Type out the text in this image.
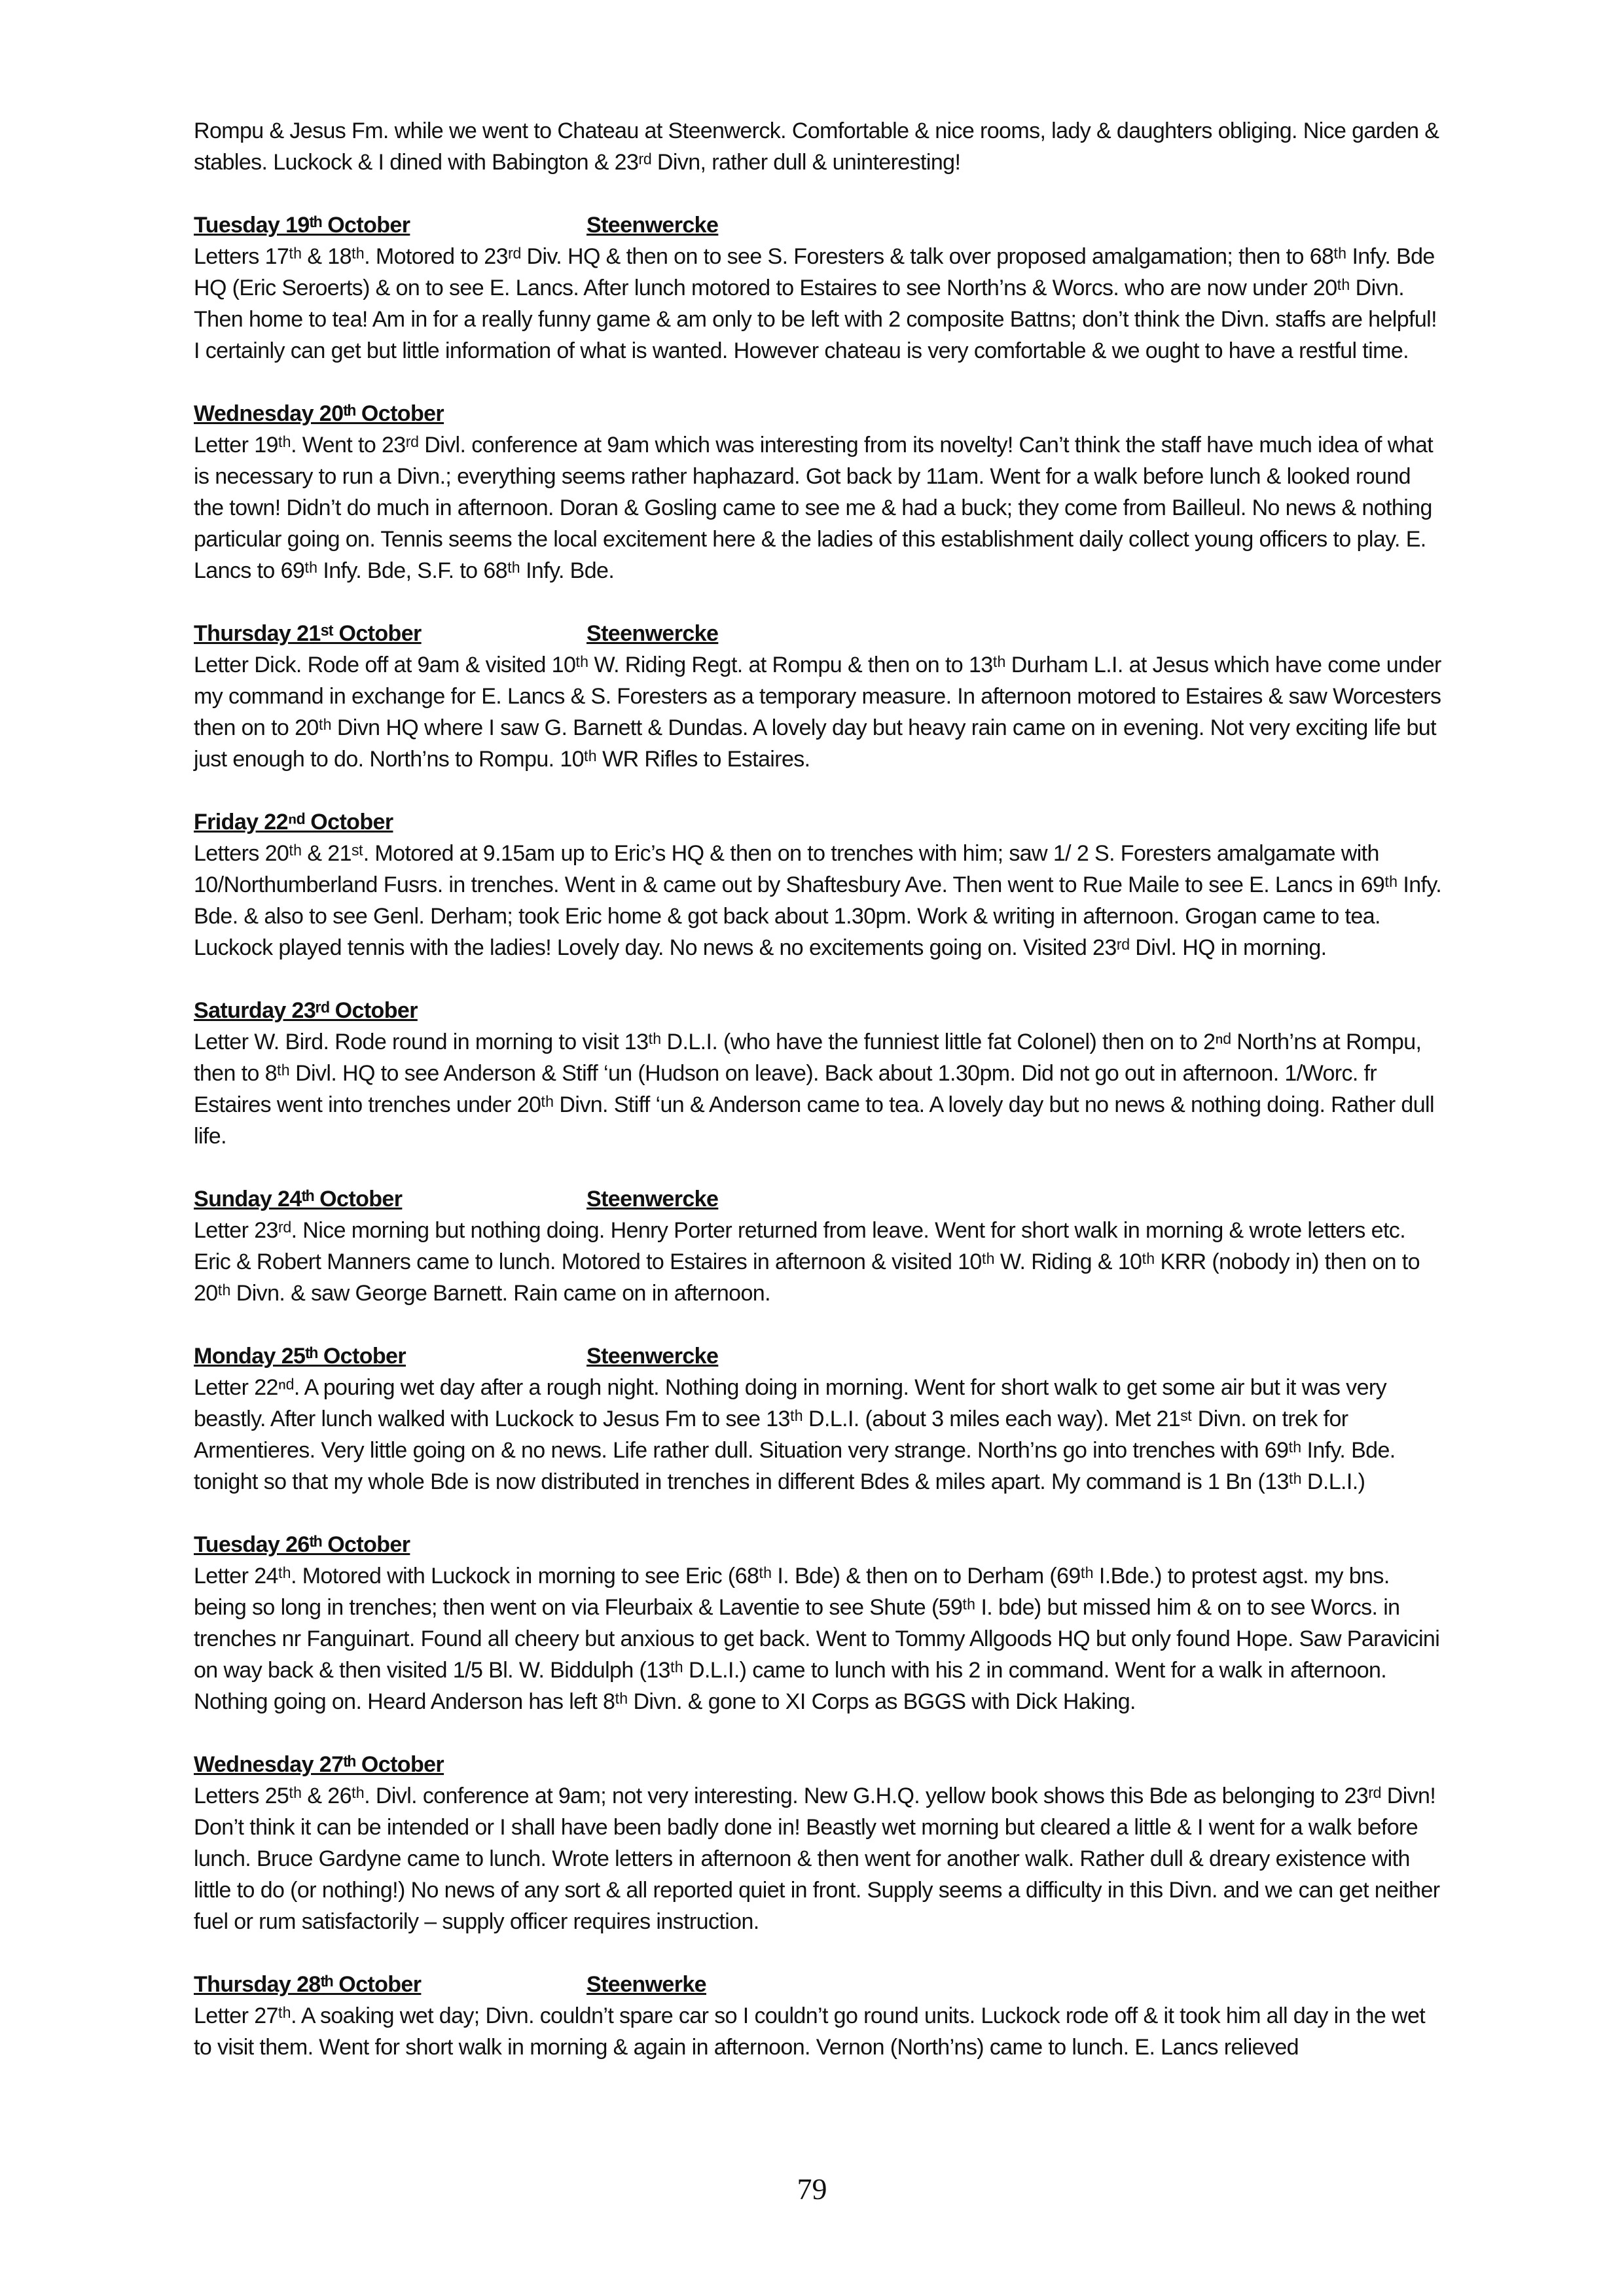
Rompu & Jesus Fm. while we went to Chateau at Steenwerck. Comfortable & nice rooms, lady & daughters obliging. Nice garden & stables. Luckock & I dined with Babington & 23ʳᵈ Divn, rather dull & uninteresting!

Tuesday 19ᵗʰ October	Steenwercke

Letters 17ᵗʰ & 18ᵗʰ. Motored to 23ʳᵈ Div. HQ & then on to see S. Foresters & talk over proposed amalgamation; then to 68ᵗʰ Infy. Bde HQ (Eric Seroerts) & on to see E. Lancs. After lunch motored to Estaires to see North’ns & Worcs. who are now under 20ᵗʰ Divn. Then home to tea! Am in for a really funny game & am only to be left with 2 composite Battns; don’t think the Divn. staffs are helpful! I certainly can get but little information of what is wanted. However chateau is very comfortable & we ought to have a restful time.

Wednesday 20ᵗʰ October

Letter 19ᵗʰ. Went to 23ʳᵈ Divl. conference at 9am which was interesting from its novelty! Can’t think the staff have much idea of what is necessary to run a Divn.; everything seems rather haphazard. Got back by 11am. Went for a walk before lunch & looked round the town! Didn’t do much in afternoon. Doran & Gosling came to see me & had a buck; they come from Bailleul. No news & nothing particular going on. Tennis seems the local excitement here & the ladies of this establishment daily collect young officers to play. E. Lancs to 69ᵗʰ Infy. Bde, S.F. to 68ᵗʰ Infy. Bde.

Thursday 21ˢᵗ October	Steenwercke

Letter Dick. Rode off at 9am & visited 10ᵗʰ W. Riding Regt. at Rompu & then on to 13ᵗʰ Durham L.I. at Jesus which have come under my command in exchange for E. Lancs & S. Foresters as a temporary measure. In afternoon motored to Estaires & saw Worcesters then on to 20ᵗʰ Divn HQ where I saw G. Barnett & Dundas. A lovely day but heavy rain came on in evening. Not very exciting life but just enough to do. North’ns to Rompu. 10ᵗʰ WR Rifles to Estaires.

Friday 22ⁿᵈ October

Letters 20ᵗʰ & 21ˢᵗ. Motored at 9.15am up to Eric’s HQ & then on to trenches with him; saw 1/ 2 S. Foresters amalgamate with 10/Northumberland Fusrs. in trenches. Went in & came out by Shaftesbury Ave. Then went to Rue Maile to see E. Lancs in 69ᵗʰ Infy. Bde. & also to see Genl. Derham; took Eric home & got back about 1.30pm. Work & writing in afternoon. Grogan came to tea. Luckock played tennis with the ladies! Lovely day. No news & no excitements going on. Visited 23ʳᵈ Divl. HQ in morning.

Saturday 23ʳᵈ October

Letter W. Bird. Rode round in morning to visit 13ᵗʰ D.L.I. (who have the funniest little fat Colonel) then on to 2ⁿᵈ North’ns at Rompu, then to 8ᵗʰ Divl. HQ to see Anderson & Stiff ‘un (Hudson on leave). Back about 1.30pm. Did not go out in afternoon. 1/Worc. fr Estaires went into trenches under 20ᵗʰ Divn. Stiff ‘un & Anderson came to tea. A lovely day but no news & nothing doing. Rather dull life.

Sunday 24ᵗʰ October	Steenwercke

Letter 23ʳᵈ. Nice morning but nothing doing. Henry Porter returned from leave. Went for short walk in morning & wrote letters etc. Eric & Robert Manners came to lunch. Motored to Estaires in afternoon & visited 10ᵗʰ W. Riding & 10ᵗʰ KRR (nobody in) then on to 20ᵗʰ Divn. & saw George Barnett. Rain came on in afternoon.

Monday 25ᵗʰ October	Steenwercke

Letter 22ⁿᵈ. A pouring wet day after a rough night. Nothing doing in morning. Went for short walk to get some air but it was very beastly. After lunch walked with Luckock to Jesus Fm to see 13ᵗʰ D.L.I. (about 3 miles each way). Met 21ˢᵗ Divn. on trek for Armentieres. Very little going on & no news. Life rather dull. Situation very strange. North’ns go into trenches with 69ᵗʰ Infy. Bde. tonight so that my whole Bde is now distributed in trenches in different Bdes & miles apart. My command is 1 Bn (13ᵗʰ D.L.I.)

Tuesday 26ᵗʰ October

Letter 24ᵗʰ. Motored with Luckock in morning to see Eric (68ᵗʰ I. Bde) & then on to Derham (69ᵗʰ I.Bde.) to protest agst. my bns. being so long in trenches; then went on via Fleurbaix & Laventie to see Shute (59ᵗʰ I. bde) but missed him & on to see Worcs. in trenches nr Fanguinart. Found all cheery but anxious to get back. Went to Tommy Allgoods HQ but only found Hope. Saw Paravicini on way back & then visited 1/5 Bl. W. Biddulph (13ᵗʰ D.L.I.) came to lunch with his 2 in command. Went for a walk in afternoon. Nothing going on. Heard Anderson has left 8ᵗʰ Divn. & gone to XI Corps as BGGS with Dick Haking.

Wednesday 27ᵗʰ October

Letters 25ᵗʰ & 26ᵗʰ. Divl. conference at 9am; not very interesting. New G.H.Q. yellow book shows this Bde as belonging to 23ʳᵈ Divn! Don’t think it can be intended or I shall have been badly done in! Beastly wet morning but cleared a little & I went for a walk before lunch. Bruce Gardyne came to lunch. Wrote letters in afternoon & then went for another walk. Rather dull & dreary existence with little to do (or nothing!) No news of any sort & all reported quiet in front. Supply seems a difficulty in this Divn. and we can get neither fuel or rum satisfactorily – supply officer requires instruction.

Thursday 28ᵗʰ October	Steenwerke

Letter 27ᵗʰ. A soaking wet day; Divn. couldn’t spare car so I couldn’t go round units. Luckock rode off & it took him all day in the wet to visit them. Went for short walk in morning & again in afternoon. Vernon (North’ns) came to lunch. E. Lancs relieved

79
